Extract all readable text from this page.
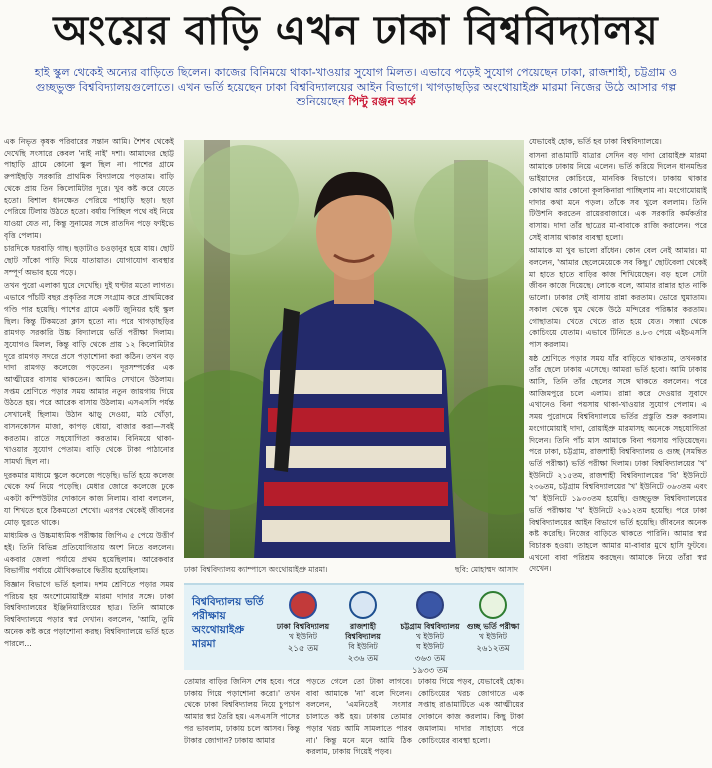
অংয়ের বাড়ি এখন ঢাকা বিশ্ববিদ্যালয়
হাই স্কুল থেকেই অন্যের বাড়িতে ছিলেন। কাজের বিনিময়ে থাকা-খাওয়ার সুযোগ মিলত। এভাবে পড়েই সুযোগ পেয়েছেন ঢাকা, রাজশাহী, চট্টগ্রাম ও গুচ্ছভুক্ত বিশ্ববিদ্যালয়গুলোতে। এখন ভর্তি হয়েছেন ঢাকা বিশ্ববিদ্যালয়ের আইন বিভাগে। খাগড়াছড়ির অংথোয়াইপ্রু মারমা নিজের উঠে আসার গল্প শুনিয়েছেন পিন্টু রঞ্জন অর্ক

এক নিভৃত কৃষক পরিবারের সন্তান আমি। শৈশব থেকেই দেখেছি সংসারে কেবল 'নাই নাই' দশা। আমাদের ছোট্ট পাহাড়ি গ্রামে কোনো স্কুল ছিল না। পাশের গ্রামে রুপাইছড়ি সরকারি প্রাথমিক বিদ্যালয়ে পড়তাম। বাড়ি থেকে প্রায় তিন কিলোমিটার দূরে। খুব কষ্ট করে যেতে হতো। বিশাল ধানক্ষেত পেরিয়ে পাহাড়ি ছড়া। ছড়া পেরিয়ে টিলায় উঠতে হতো। বর্ষায় পিচ্ছিল পথে বই নিয়ে যাওয়া যেত না, কিন্তু সুনামের সঙ্গে রাতদিন পড়ে ফাইভে বৃত্তি পেলাম।

চারদিকে ঘরবাড়ি গাছ। ছড়াটাও চওড়ানুর হয়ে যায়। ছোট ছোট সাঁকো পাড়ি দিয়ে যাতায়াত। যোগাযোগ ব্যবস্থার সম্পূর্ণ অভাব হয়ে পড়ে।

তখন পুরো এলাকা ঘুরে দেখেছি। দুই ঘণ্টার মতো লাগত। এভাবে পাঁচটি বছর প্রকৃতির সঙ্গে সংগ্রাম করে প্রাথমিকের গণ্ডি পার হয়েছি। পাশের গ্রামে একটি জুনিয়র হাই স্কুল ছিল। কিন্তু টিকমতো ক্লাস হতো না। পরে খাগড়াছড়ির রামগড় সরকারি উচ্চ বিদ্যালয়ে ভর্তি পরীক্ষা দিলাম। সুযোগও মিলল, কিন্তু বাড়ি থেকে প্রায় ১২ কিলোমিটার দূরে রামগড় সদরে প্রসে পড়াশোনা করা কঠিন। তখন বড় দাদা রামগড় কলেজে পড়তেন। দূরসম্পর্কের এক আত্মীয়ের বাসায় থাকতেন। আমিও সেখানে উঠলাম। সপ্তম শ্রেণিতে পড়ার সময় আমার নতুন জায়গায় গিয়ে উঠতে হয়। পরে আরেক বাসায় উঠলাম। এসএসসি পর্যন্ত সেখানেই ছিলাম। উঠান ঝাড়ু দেওয়া, মাঠ খোঁড়া, বাসনকোসন মাজা, কাপড় ধোয়া, বাজার করা—সবই করতাম। রাতে সহযোগিতা করতাম। বিনিময়ে থাকা-খাওয়ার সুযোগ পেতাম। বাড়ি থেকে টাকা পাঠানোর সামর্থ্য ছিল না।

দুরকমার মাধ্যমে স্কুলে কলেজে পড়েছি। ভর্তি হয়ে কলেজ থেকে ফর্ম নিয়ে পড়েছি। মেধার জোরে কলেজে ঢুকে একটা কম্পিউটার দোকানে কাজ নিলাম। বাবা বললেন, যা শিখতে হবে ঠিকমতো শেখো। এরপর থেকেই জীবনের মোড় ঘুরতে থাকে।

মাধ্যমিক ও উচ্চমাধ্যমিক পরীক্ষায় জিপিএ ৫ পেয়ে উত্তীর্ণ হই। তিনি বিভিন্ন প্রতিযোগিতায় অংশ নিতে বললেন। একবার জেলা পর্যায়ে প্রথম হয়েছিলাম। আরেকবার বিভাগীয় পর্যায়ে মৌখিকভাবে দ্বিতীয় হয়েছিলাম।

বিজ্ঞান বিভাগে ভর্তি হলাম। দশম শ্রেণিতে পড়ার সময় পরিচয় হয় অংশোমোয়াইপ্রু মারমা দাদার সঙ্গে। ঢাকা বিশ্ববিদ্যালয়ের ইঞ্জিনিয়ারিংয়ের ছাত্র। তিনি আমাকে বিশ্ববিদ্যালয়ে পড়ার স্বপ্ন দেখান। বললেন, 'আমি, তুমি অনেক কষ্ট করে পড়াশোনা করছ। বিশ্ববিদ্যালয়ে ভর্তি হতে পারলে…

ঢাকা বিশ্ববিদ্যালয় ক্যাম্পাসে অংথোয়াইপ্রু মারমা।	ছবি: মোহাম্মদ আসাদ
বিশ্ববিদ্যালয় ভর্তি পরীক্ষায় অংথোয়াইপ্রু মারমা
ঢাকা বিশ্ববিদ্যালয়
খ ইউনিট
২১৫ তম
রাজশাহী বিশ্ববিদ্যালয়
বি ইউনিট
২৩৬ তম
চট্টগ্রাম বিশ্ববিদ্যালয়
খ ইউনিট
ঘ ইউনিট
৩৬৩ তম
১৯৩৩ তম
গুচ্ছ ভর্তি পরীক্ষা
খ ইউনিট
২৬১২তম
তোমার বাড়ির জিনিস শেষ হবে। পরে ঢাকায় গিয়ে পড়াশোনা করো।' তখন থেকে ঢাকা বিশ্ববিদ্যালয় নিয়ে চুপচাপ আমার স্বপ্ন তৈরি হয়। এসএসসি পাসের পর ভাবলাম, ঢাকায় চলে আসব। কিন্তু টাকার জোগান? ঢাকায় আমার
পড়তে গেলে তো টাকা লাগবে। বাবা আমাকে 'না' বলে দিলেন। বললেন, 'এমনিতেই সংসার চালাতে কষ্ট হয়। ঢাকায় তোমার পড়ার খরচ আমি সামলাতে পারব না।' কিন্তু মনে মনে আমি ঠিক করলাম, ঢাকায় গিয়েই পড়ব।
ঢাকায় গিয়ে পড়ব, যেভাবেই হোক। কোচিংয়ের খরচ জোগাতে এক সপ্তাহ রাঙামাটিতে এক আত্মীয়ের দোকানে কাজ করলাম। কিছু টাকা জমালাম। দাদার সাহায্যে পরে কোচিংয়ের ব্যবস্থা হলো।

যেভাবেই হোক, ভর্তি হব ঢাকা বিশ্ববিদ্যালয়ে।

বাসনা রাঙামাটি যাত্রার সেদিন বড় দাদা রোয়াইপ্রু মারমা আমাকে ঢাকায় নিয়ে এলেন। ভর্তি করিয়ে দিলেন ধানমন্ডির ভাইয়াদের কোচিংয়ে, মানবিক বিভাগে। ঢাকায় থাকার কোথায় আর কোনো কূলকিনারা পাচ্ছিলাম না। মংগোমোয়াই দাদার কথা মনে পড়ল। তাঁকে সব খুলে বললাম। তিনি টিউশনি করতেন রায়েরবাজারে। এক সরকারি কর্মকর্তার বাসায়। দাদা তাঁর ছাত্রের মা-বাবাকে রাজি করালেন। পরে সেই বাসায় থাকার ব্যবস্থা হলো।

আমাকে মা খুব ভালো রাঁধেন। কোন বেল নেই আমার। মা বললেন, 'আমার ছেলেমেয়েকে সব কিছু।' ছোটবেলা থেকেই মা হাতে হাতে বাড়ির কাজ শিখিয়েছেন। বড় হলে সেটা জীবন কাজে দিয়েছে। লোকে বলে, আমার রান্নার হাত নাকি ভালো। ঢাকার সেই বাসায় রান্না করতাম। ভোরে ঘুমাতাম। সকাল থেকে ঘুম থেকে উঠে মন্দিরের পরিষ্কার করতাম। গোছাতাম। খেতে খেতে রাত হয়ে যেত। সন্ধ্যা থেকে কোচিংয়ে যেতাম। এভাবে টিনিতে ৪.৮৩ পেয়ে এইচএসসি পাস করলাম।

ষষ্ঠ শ্রেণিতে পড়ার সময় যাঁর বাড়িতে থাকতাম, তখনকার তাঁর ছেলে ঢাকায় এসেছে। আমরা ভর্তি হবো। আমি ঢাকায় আসি, তিনি তাঁর ছেলের সঙ্গে থাকতে বললেন। পরে আজিমপুরে চলে এলাম। রান্না করে দেওয়ার সুবাদে এখানেও বিনা পয়সায় থাকা-খাওয়ার সুযোগ পেলাম। এ সময় পুরোদমে বিশ্ববিদ্যালয়ে ভর্তির প্রস্তুতি শুরু করলাম। মংগোমোয়াই দাদা, রোয়াইপ্রু মারমাসহ অনেকে সহযোগিতা দিলেন। তিনি পাঁচ মাস আমাকে বিনা পয়সায় পড়িয়েছেন। পরে ঢাকা, চট্টগ্রাম, রাজশাহী বিশ্ববিদ্যালয় ও গুচ্ছ (সমন্বিত ভর্তি পরীক্ষা) ভর্তি পরীক্ষা দিলাম। ঢাকা বিশ্ববিদ্যালয়ের 'খ' ইউনিটে ২১৫তম, রাজশাহী বিশ্ববিদ্যালয়ের 'বি' ইউনিটে ২৩৬তম, চট্টগ্রাম বিশ্ববিদ্যালয়ের 'খ' ইউনিটে ৩৬৩তম এবং 'ঘ' ইউনিটে ১৯৩৩তম হয়েছি। গুচ্ছভুক্ত বিশ্ববিদ্যালয়ের ভর্তি পরীক্ষায় 'খ' ইউনিটে ২৬১২তম হয়েছি। পরে ঢাকা বিশ্ববিদ্যালয়ের আইন বিভাগে ভর্তি হয়েছি। জীবনের অনেক কষ্ট করেছি। নিজের বাড়িতে থাকতে পারিনি। আমার স্বপ্ন বিচারক হওয়া। তাহলে আমার মা-বাবার মুখে হাসি ফুটবে। এখনো বাবা পরিশ্রম করছেন। আমাকে নিয়ে তাঁরা স্বপ্ন দেখেন।
